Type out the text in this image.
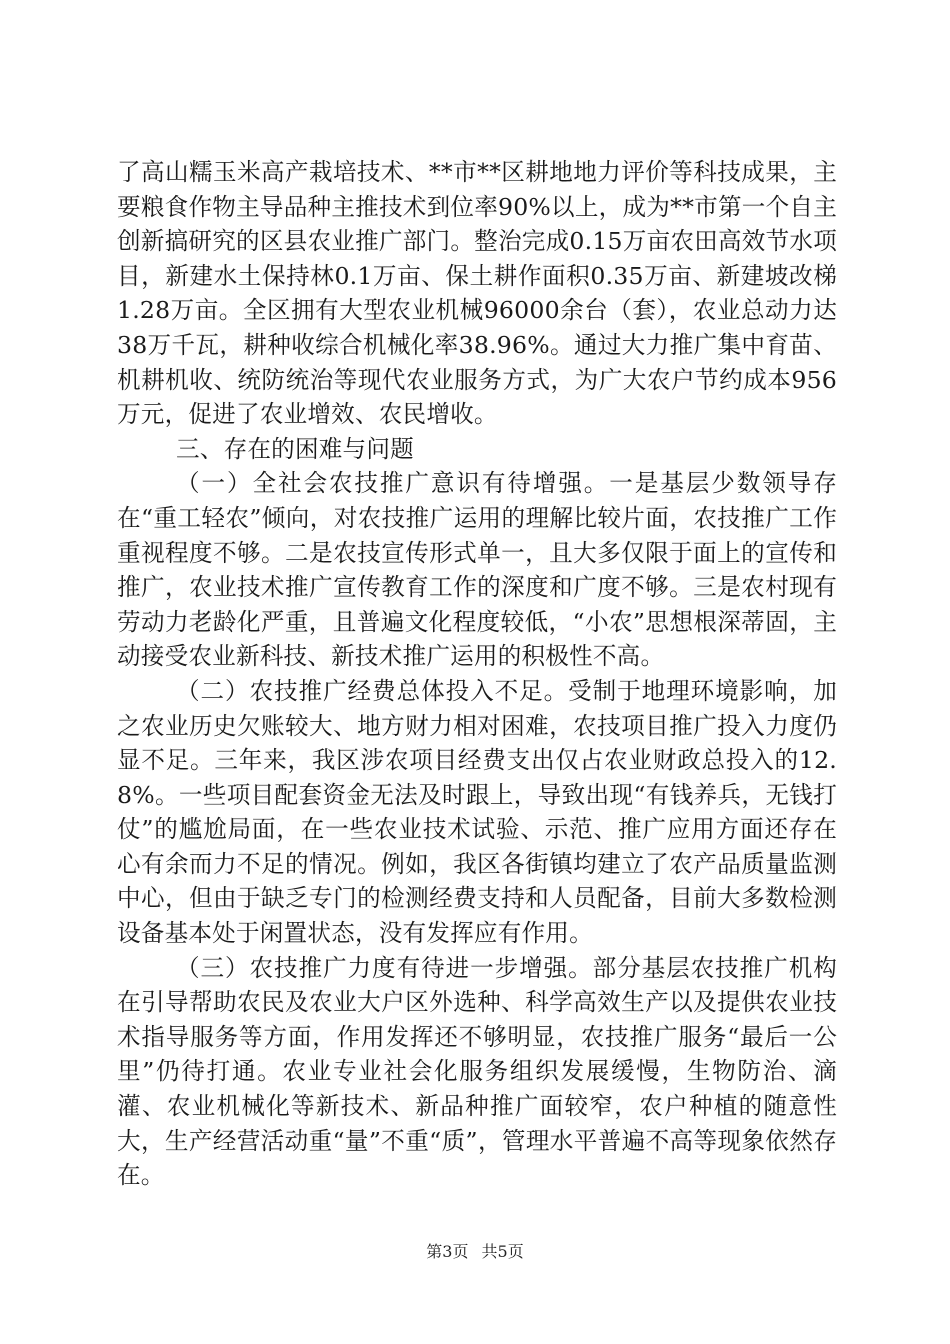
了高山糯玉米高产栽培技术、**市**区耕地地力评价等科技成果，主要粮食作物主导品种主推技术到位率90%以上，成为**市第一个自主创新搞研究的区县农业推广部门。整治完成0.15万亩农田高效节水项目，新建水土保持林0.1万亩、保土耕作面积0.35万亩、新建坡改梯1.28万亩。全区拥有大型农业机械96000余台（套），农业总动力达38万千瓦，耕种收综合机械化率38.96%。通过大力推广集中育苗、机耕机收、统防统治等现代农业服务方式，为广大农户节约成本956万元，促进了农业增效、农民增收。

三、存在的困难与问题

（一）全社会农技推广意识有待增强。一是基层少数领导存在“重工轻农”倾向，对农技推广运用的理解比较片面，农技推广工作重视程度不够。二是农技宣传形式单一，且大多仅限于面上的宣传和推广，农业技术推广宣传教育工作的深度和广度不够。三是农村现有劳动力老龄化严重，且普遍文化程度较低，“小农”思想根深蒂固，主动接受农业新科技、新技术推广运用的积极性不高。

（二）农技推广经费总体投入不足。受制于地理环境影响，加之农业历史欠账较大、地方财力相对困难，农技项目推广投入力度仍显不足。三年来，我区涉农项目经费支出仅占农业财政总投入的12.8%。一些项目配套资金无法及时跟上，导致出现“有钱养兵，无钱打仗”的尴尬局面，在一些农业技术试验、示范、推广应用方面还存在心有余而力不足的情况。例如，我区各街镇均建立了农产品质量监测中心，但由于缺乏专门的检测经费支持和人员配备，目前大多数检测设备基本处于闲置状态，没有发挥应有作用。

（三）农技推广力度有待进一步增强。部分基层农技推广机构在引导帮助农民及农业大户区外选种、科学高效生产以及提供农业技术指导服务等方面，作用发挥还不够明显，农技推广服务“最后一公里”仍待打通。农业专业社会化服务组织发展缓慢，生物防治、滴灌、农业机械化等新技术、新品种推广面较窄，农户种植的随意性大，生产经营活动重“量”不重“质”，管理水平普遍不高等现象依然存在。

第3页 共5页
